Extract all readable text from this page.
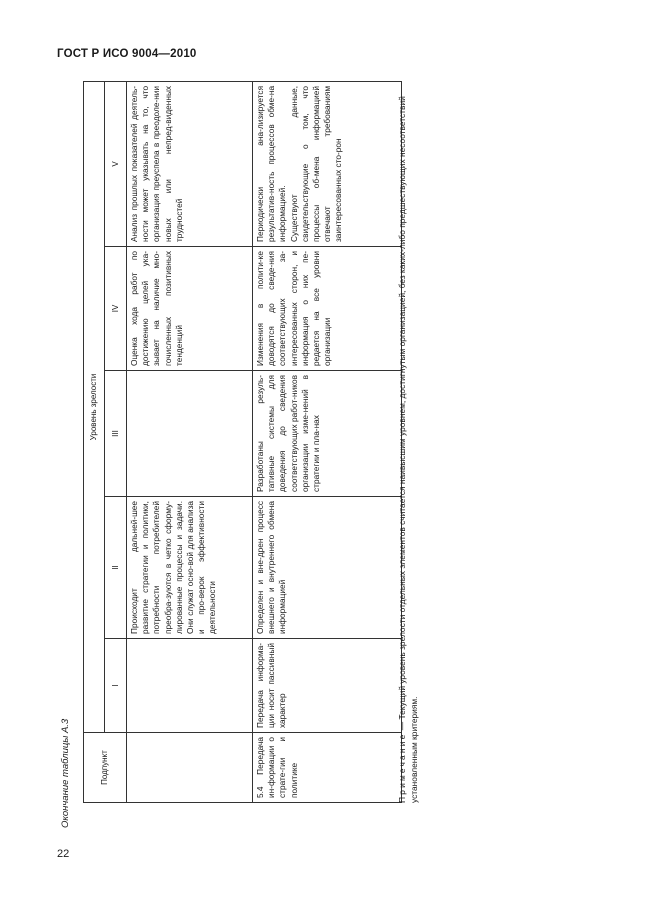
ГОСТ Р ИСО 9004—2010
Окончание таблицы А.3	Подпункт	Уровень зрелости				
	I	II	III	IV	V

		Происходит дальней-шее развитие стратегии и политики, потребности потребителей преобра-зуются в четко сформу-лированные процессы и задачи. Они служат осно-вой для анализа и про-верок эффективности деятельности		Оценка хода работ по достижению целей ука-зывает на наличие мно-гочисленных позитивных тенденций	Анализ прошлых показателей деятель-ности может указывать на то, что организация преуспела в преодоле-нии новых или непред-виденных трудностей

5.4 Передача ин-формации о страте-гии и политике	Передача информа-ции носит пассивный характер	Определен и вне-дрен процесс внешнего и внутреннего обмена информацией	Разработаны резуль-тативные системы для доведения до сведения соответствующих работ-ников организации изме-нений в стратегии и пла-нах	Изменения в полити-ке доводятся до сведе-ния соответствующих за-интересованных сторон, и информация о них пе-редается на все уровни организации	Периодически ана-лизируется результатив-ность процессов обме-на информацией. Существуют данные, свидетельствующие о том, что процессы об-мена информацией отвечают требованиям заинтересованных сто-рон

Примечание — Текущий уровень зрелости отдельных элементов считается наивысшим уровнем, достигнутым организацией, без каких-либо предшествующих несоответствий установленным критериям.
22
